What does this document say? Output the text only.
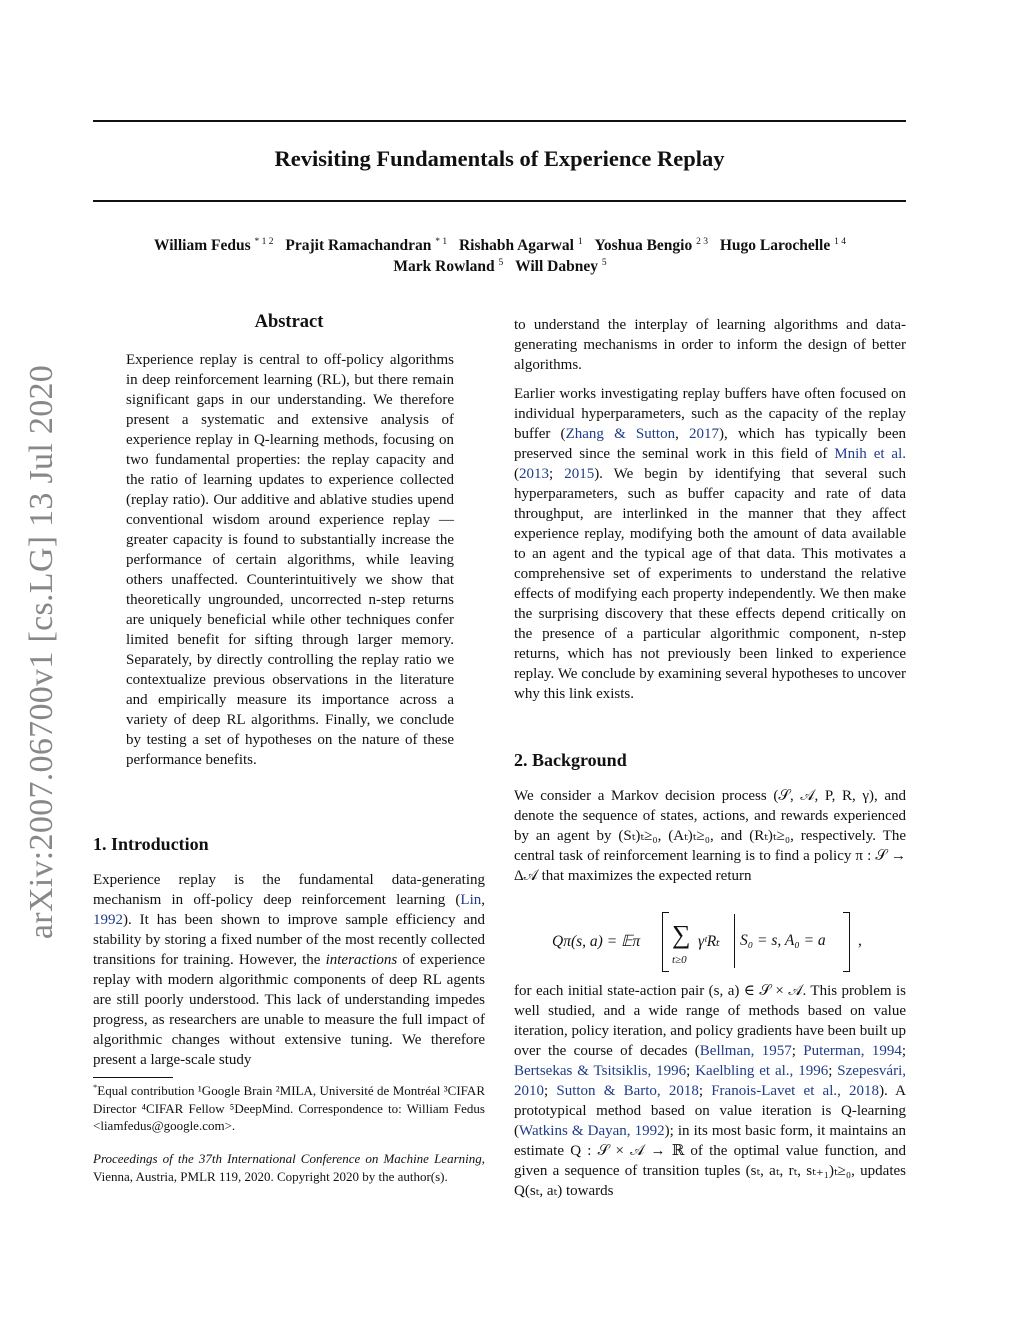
Revisiting Fundamentals of Experience Replay
William Fedus $^{* 1 2}$ Prajit Ramachandran $^{* 1}$ Rishabh Agarwal $^1$ Yoshua Bengio $^{2 3}$ Hugo Larochelle $^{1 4}$
Mark Rowland $^5$ Will Dabney $^5$
arXiv:2007.06700v1 [cs.LG] 13 Jul 2020
Abstract

Experience replay is central to off-policy algorithms in deep reinforcement learning (RL), but there remain significant gaps in our understanding. We therefore present a systematic and extensive analysis of experience replay in Q-learning methods, focusing on two fundamental properties: the replay capacity and the ratio of learning updates to experience collected (replay ratio). Our additive and ablative studies upend conventional wisdom around experience replay — greater capacity is found to substantially increase the performance of certain algorithms, while leaving others unaffected. Counterintuitively we show that theoretically ungrounded, uncorrected n-step returns are uniquely beneficial while other techniques confer limited benefit for sifting through larger memory. Separately, by directly controlling the replay ratio we contextualize previous observations in the literature and empirically measure its importance across a variety of deep RL algorithms. Finally, we conclude by testing a set of hypotheses on the nature of these performance benefits.

1. Introduction

Experience replay is the fundamental data-generating mechanism in off-policy deep reinforcement learning (Lin, 1992). It has been shown to improve sample efficiency and stability by storing a fixed number of the most recently collected transitions for training. However, the interactions of experience replay with modern algorithmic components of deep RL agents are still poorly understood. This lack of understanding impedes progress, as researchers are unable to measure the full impact of algorithmic changes without extensive tuning. We therefore present a large-scale study

*Equal contribution ¹Google Brain ²MILA, Université de Montréal ³CIFAR Director ⁴CIFAR Fellow ⁵DeepMind. Correspondence to: William Fedus <liamfedus@google.com>.
Proceedings of the 37th International Conference on Machine Learning, Vienna, Austria, PMLR 119, 2020. Copyright 2020 by the author(s).

to understand the interplay of learning algorithms and data-generating mechanisms in order to inform the design of better algorithms.

Earlier works investigating replay buffers have often focused on individual hyperparameters, such as the capacity of the replay buffer (Zhang & Sutton, 2017), which has typically been preserved since the seminal work in this field of Mnih et al. (2013; 2015). We begin by identifying that several such hyperparameters, such as buffer capacity and rate of data throughput, are interlinked in the manner that they affect experience replay, modifying both the amount of data available to an agent and the typical age of that data. This motivates a comprehensive set of experiments to understand the relative effects of modifying each property independently. We then make the surprising discovery that these effects depend critically on the presence of a particular algorithmic component, n-step returns, which has not previously been linked to experience replay. We conclude by examining several hypotheses to uncover why this link exists.

2. Background

We consider a Markov decision process (𝒮, 𝒜, P, R, γ), and denote the sequence of states, actions, and rewards experienced by an agent by (Sₜ)ₜ≥₀, (Aₜ)ₜ≥₀, and (Rₜ)ₜ≥₀, respectively. The central task of reinforcement learning is to find a policy π : 𝒮 → Δ𝒜 that maximizes the expected return

Qπ(s, a) = 𝔼π ∑
t≥0
γᵗRₜ S₀ = s, A₀ = a ,

for each initial state-action pair (s, a) ∈ 𝒮 × 𝒜. This problem is well studied, and a wide range of methods based on value iteration, policy iteration, and policy gradients have been built up over the course of decades (Bellman, 1957; Puterman, 1994; Bertsekas & Tsitsiklis, 1996; Kaelbling et al., 1996; Szepesvári, 2010; Sutton & Barto, 2018; Franois-Lavet et al., 2018). A prototypical method based on value iteration is Q-learning (Watkins & Dayan, 1992); in its most basic form, it maintains an estimate Q : 𝒮 × 𝒜 → ℝ of the optimal value function, and given a sequence of transition tuples (sₜ, aₜ, rₜ, sₜ₊₁)ₜ≥₀, updates Q(sₜ, aₜ) towards
